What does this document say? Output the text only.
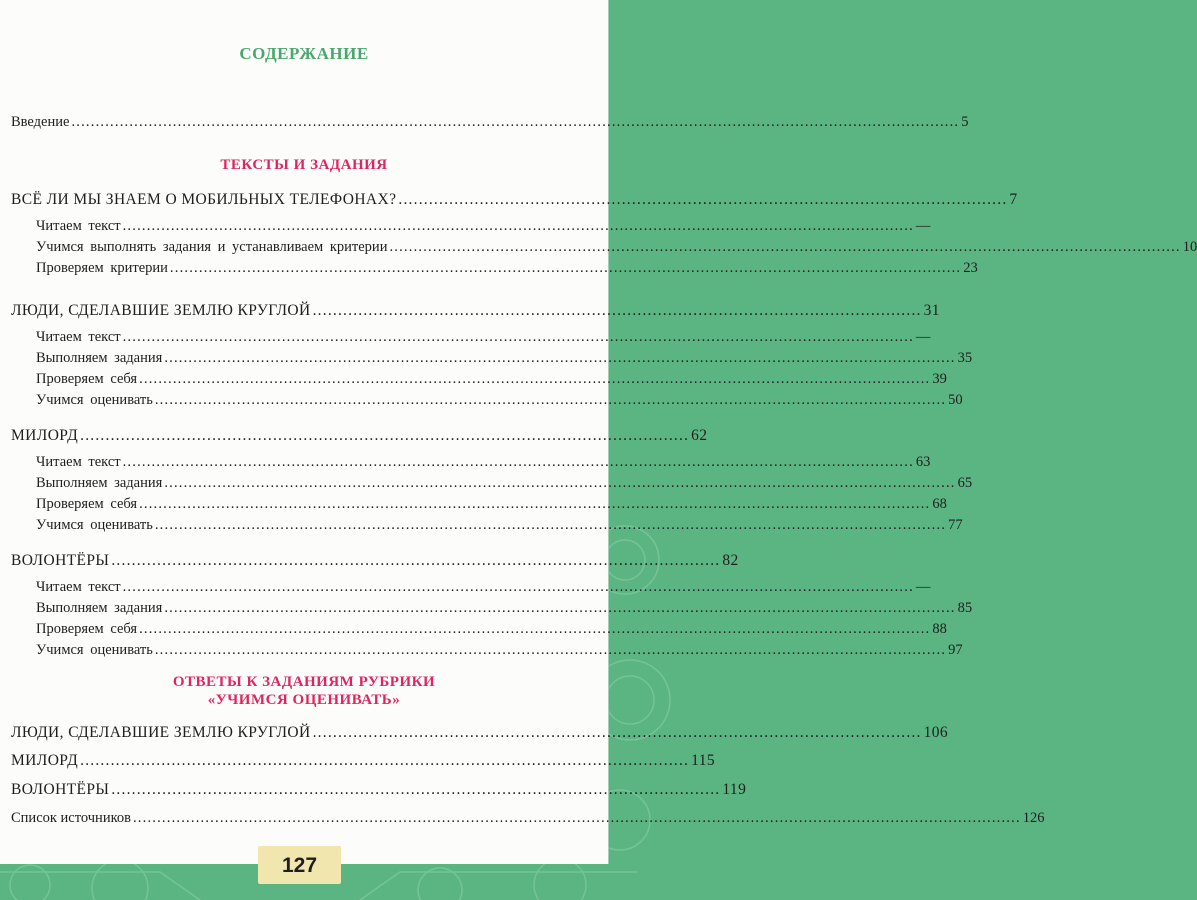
СОДЕРЖАНИЕ
Введение ........................................................................................................................................................................................ 5
ТЕКСТЫ И ЗАДАНИЯ
ВСЁ ЛИ МЫ ЗНАЕМ О МОБИЛЬНЫХ ТЕЛЕФОНАХ? ........................................................................................................................ 7
Читаем текст .................................................................................................................................................................... —
Учимся выполнять задания и устанавливаем критерии .................................................................................................................................................................... 10
Проверяем критерии .................................................................................................................................................................... 23
ЛЮДИ, СДЕЛАВШИЕ ЗЕМЛЮ КРУГЛОЙ ........................................................................................................................ 31
Читаем текст .................................................................................................................................................................... —
Выполняем задания .................................................................................................................................................................... 35
Проверяем себя .................................................................................................................................................................... 39
Учимся оценивать .................................................................................................................................................................... 50
МИЛОРД ........................................................................................................................ 62
Читаем текст .................................................................................................................................................................... 63
Выполняем задания .................................................................................................................................................................... 65
Проверяем себя .................................................................................................................................................................... 68
Учимся оценивать .................................................................................................................................................................... 77
ВОЛОНТЁРЫ ........................................................................................................................ 82
Читаем текст .................................................................................................................................................................... —
Выполняем задания .................................................................................................................................................................... 85
Проверяем себя .................................................................................................................................................................... 88
Учимся оценивать .................................................................................................................................................................... 97
ОТВЕТЫ К ЗАДАНИЯМ РУБРИКИ
«УЧИМСЯ ОЦЕНИВАТЬ»
ЛЮДИ, СДЕЛАВШИЕ ЗЕМЛЮ КРУГЛОЙ ........................................................................................................................ 106
МИЛОРД ........................................................................................................................ 115
ВОЛОНТЁРЫ ........................................................................................................................ 119
Список источников ........................................................................................................................................................................................ 126
127
